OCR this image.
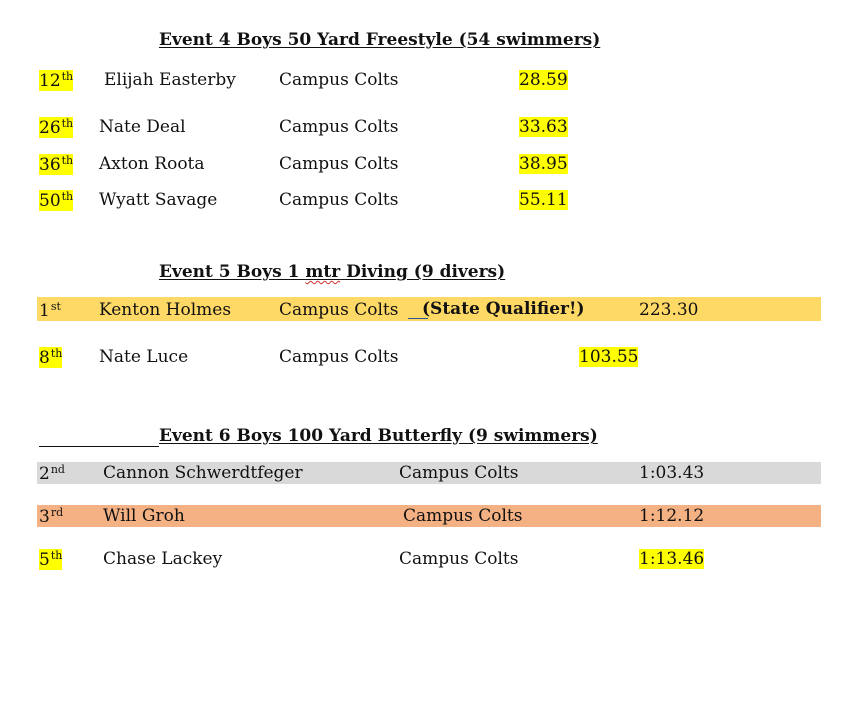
Event 4 Boys 50 Yard Freestyle (54 swimmers)
12th Elijah Easterby	Campus Colts	28.59
26th Nate Deal	Campus Colts	33.63
36th Axton Roota	Campus Colts	38.95
50th Wyatt Savage	Campus Colts	55.11
Event 5 Boys 1 mtr Diving (9 divers)
1st Kenton Holmes	Campus Colts (State Qualifier!)	223.30
8th Nate Luce	Campus Colts	103.55
Event 6 Boys 100 Yard Butterfly (9 swimmers)
2nd Cannon Schwerdtfeger	Campus Colts	1:03.43
3rd Will Groh	Campus Colts	1:12.12
5th Chase Lackey	Campus Colts	1:13.46
